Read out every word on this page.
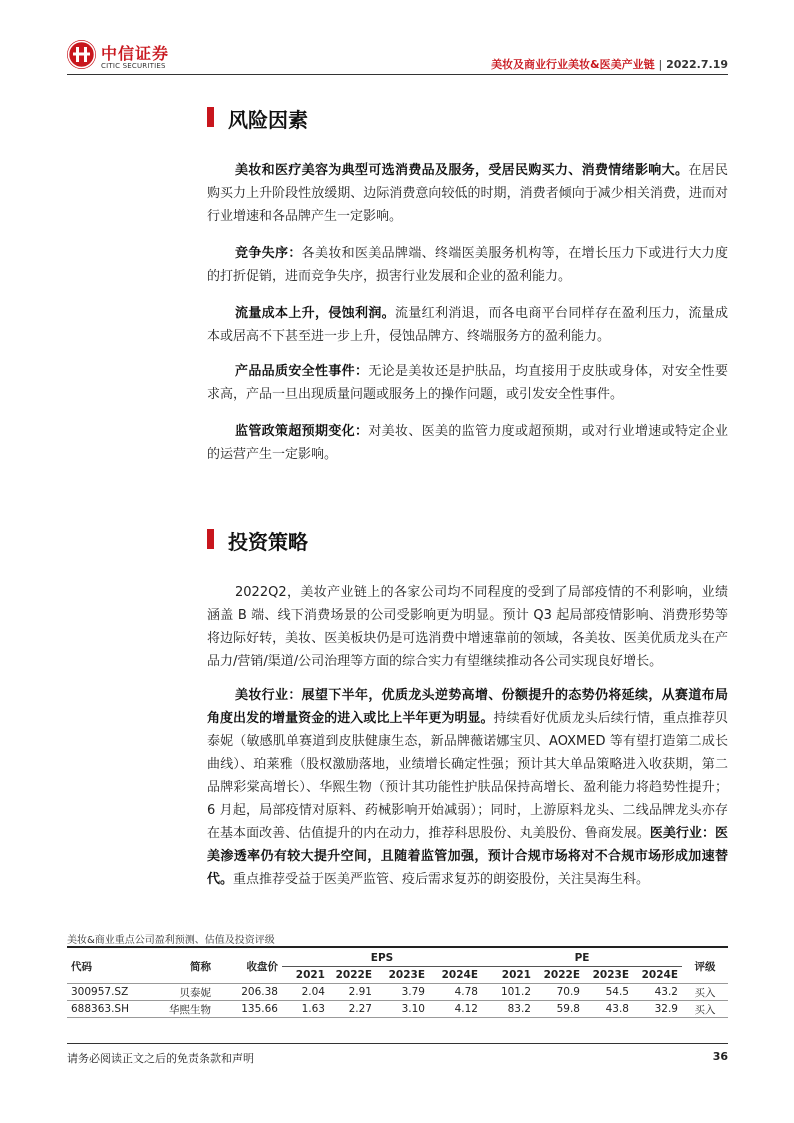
中信证券
CITIC SECURITIES	美妆及商业行业美妆&医美产业链 | 2022.7.19
风险因素

美妆和医疗美容为典型可选消费品及服务，受居民购买力、消费情绪影响大。在居民购买力上升阶段性放缓期、边际消费意向较低的时期，消费者倾向于减少相关消费，进而对行业增速和各品牌产生一定影响。

竞争失序：各美妆和医美品牌端、终端医美服务机构等，在增长压力下或进行大力度的打折促销，进而竞争失序，损害行业发展和企业的盈利能力。

流量成本上升，侵蚀利润。流量红利消退，而各电商平台同样存在盈利压力，流量成本或居高不下甚至进一步上升，侵蚀品牌方、终端服务方的盈利能力。

产品品质安全性事件：无论是美妆还是护肤品，均直接用于皮肤或身体，对安全性要求高，产品一旦出现质量问题或服务上的操作问题，或引发安全性事件。

监管政策超预期变化：对美妆、医美的监管力度或超预期，或对行业增速或特定企业的运营产生一定影响。

投资策略

2022Q2，美妆产业链上的各家公司均不同程度的受到了局部疫情的不利影响，业绩涵盖 B 端、线下消费场景的公司受影响更为明显。预计 Q3 起局部疫情影响、消费形势等将边际好转，美妆、医美板块仍是可选消费中增速靠前的领域，各美妆、医美优质龙头在产品力/营销/渠道/公司治理等方面的综合实力有望继续推动各公司实现良好增长。

美妆行业：展望下半年，优质龙头逆势高增、份额提升的态势仍将延续，从赛道布局角度出发的增量资金的进入或比上半年更为明显。持续看好优质龙头后续行情，重点推荐贝泰妮（敏感肌单赛道到皮肤健康生态，新品牌薇诺娜宝贝、AOXMED 等有望打造第二成长曲线）、珀莱雅（股权激励落地，业绩增长确定性强；预计其大单品策略进入收获期，第二品牌彩棠高增长）、华熙生物（预计其功能性护肤品保持高增长、盈利能力将趋势性提升；6 月起，局部疫情对原料、药械影响开始减弱）；同时，上游原料龙头、二线品牌龙头亦存在基本面改善、估值提升的内在动力，推荐科思股份、丸美股份、鲁商发展。医美行业：医美渗透率仍有较大提升空间，且随着监管加强，预计合规市场将对不合规市场形成加速替代。重点推荐受益于医美严监管、疫后需求复苏的朗姿股份，关注昊海生科。

美妆&商业重点公司盈利预测、估值及投资评级
代码	简称	收盘价	EPS				PE				评级
			2021	2022E	2023E	2024E	2021	2022E	2023E	2024E	
300957.SZ	贝泰妮	206.38	2.04	2.91	3.79	4.78	101.2	70.9	54.5	43.2	买入
688363.SH	华熙生物	135.66	1.63	2.27	3.10	4.12	83.2	59.8	43.8	32.9	买入
请务必阅读正文之后的免责条款和声明	36
